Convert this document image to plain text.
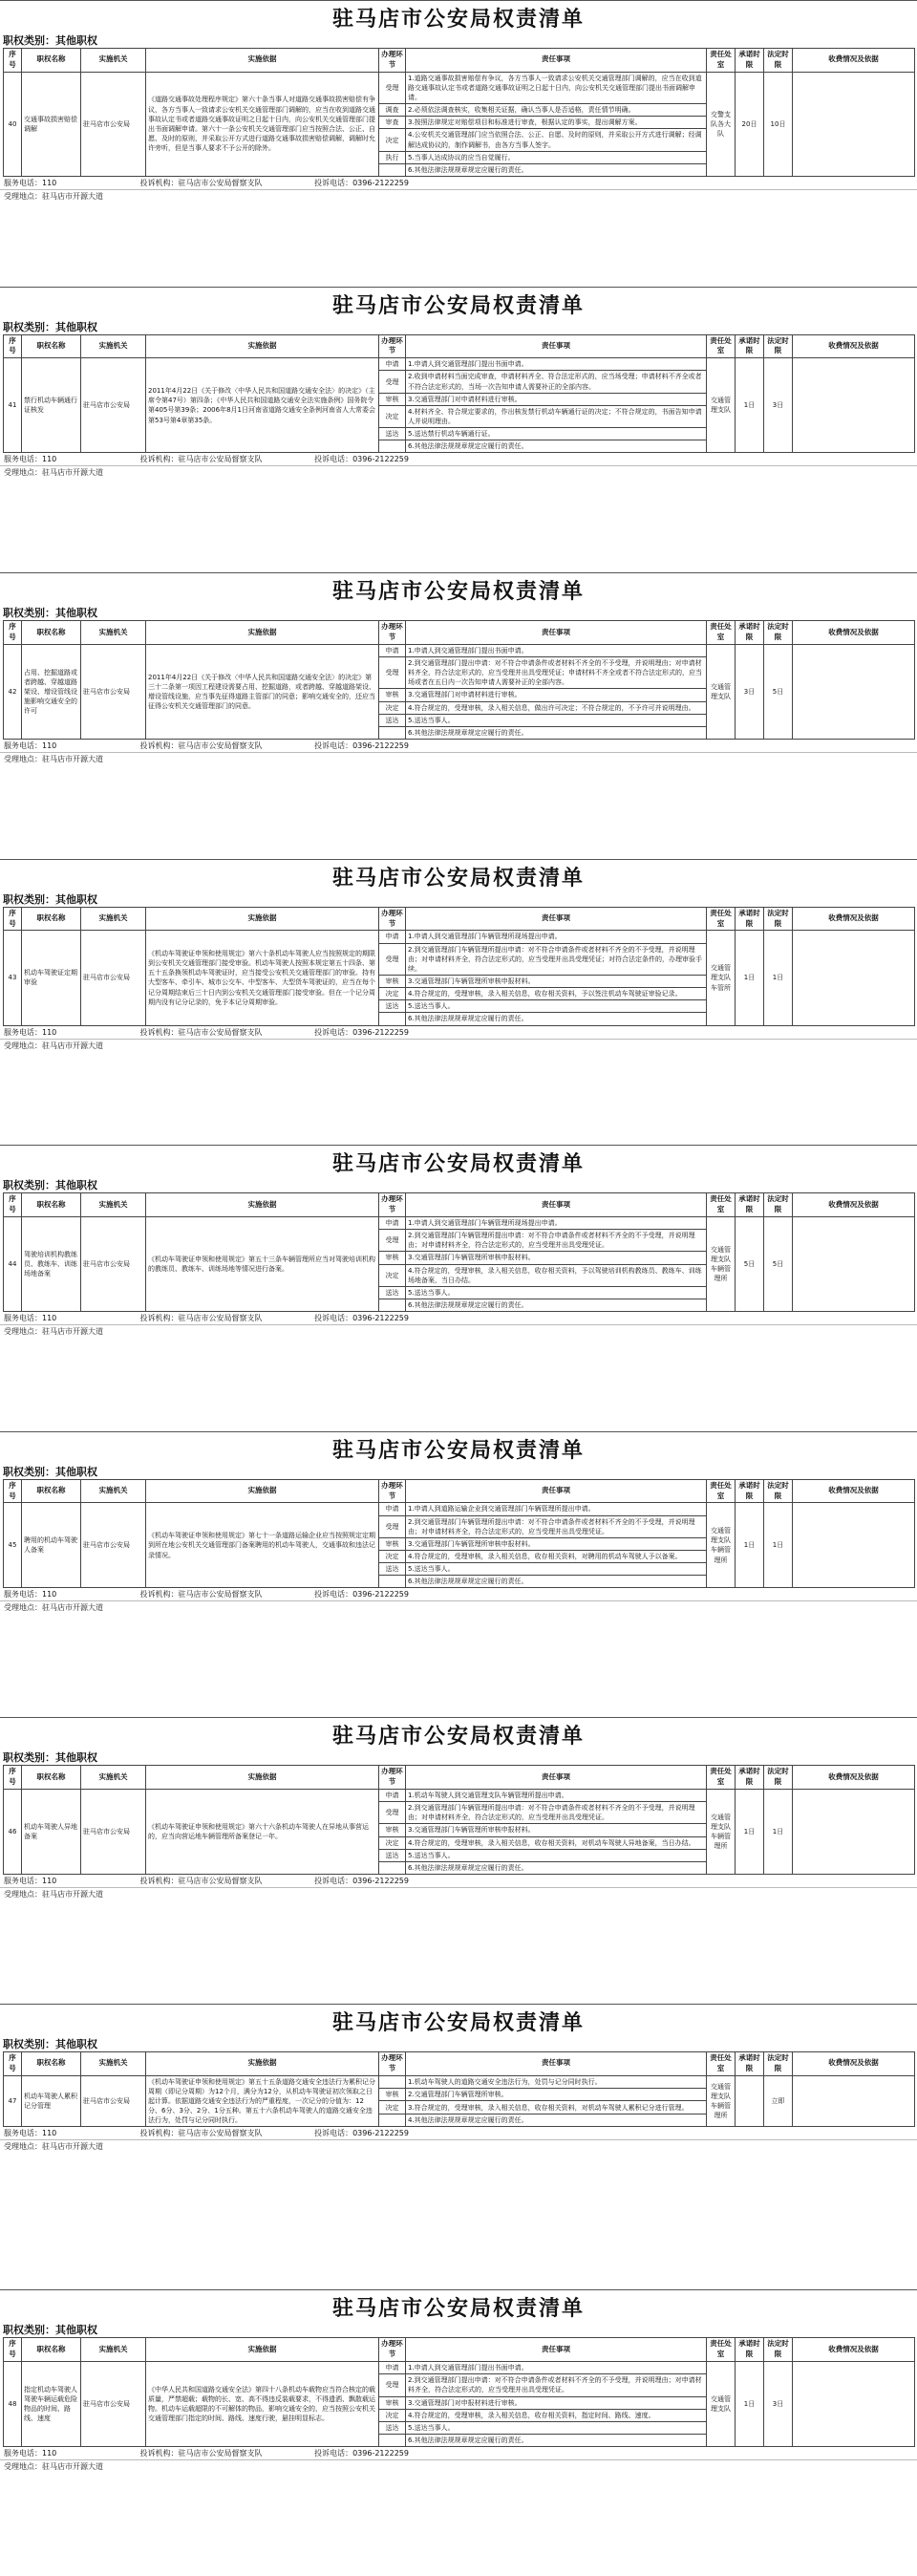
驻马店市公安局权责清单
职权类别：其他职权
序号	职权名称	实施机关	实施依据	办理环节	责任事项	责任处室	承诺时限	法定时限	收费情况及依据
40	交通事故损害赔偿调解	驻马店市公安局	《道路交通事故处理程序规定》第六十条当事人对道路交通事故损害赔偿有争议，各方当事人一致请求公安机关交通管理部门调解的，应当在收到道路交通事故认定书或者道路交通事故证明之日起十日内，向公安机关交通管理部门提出书面调解申请。第六十一条公安机关交通管理部门应当按照合法、公正、自愿、及时的原则，并采取公开方式进行道路交通事故损害赔偿调解，调解时允许旁听，但是当事人要求不予公开的除外。	受理	1.道路交通事故损害赔偿有争议，各方当事人一致请求公安机关交通管理部门调解的，应当在收到道路交通事故认定书或者道路交通事故证明之日起十日内，向公安机关交通管理部门提出书面调解申请。	交警支队各大队	20日	10日	
				调查	2.必须依法调查核实，收集相关证据，确认当事人是否适格，责任情节明确。				
				审查	3.按照法律规定对赔偿项目和标准进行审查，根据认定的事实，提出调解方案。				
				决定	4.公安机关交通管理部门应当依照合法、公正、自愿、及时的原则，并采取公开方式进行调解；经调解达成协议的，制作调解书，由各方当事人签字。				
				执行	5.当事人达成协议的应当自觉履行。				
					6.其他法律法规规章规定应履行的责任。				
服务电话：110	投诉机构：驻马店市公安局督察支队	投诉电话：0396-2122259
受理地点：驻马店市开源大道
驻马店市公安局权责清单
职权类别：其他职权
序号	职权名称	实施机关	实施依据	办理环节	责任事项	责任处室	承诺时限	法定时限	收费情况及依据
41	禁行机动车辆通行证核发	驻马店市公安局	2011年4月22日《关于修改〈中华人民共和国道路交通安全法〉的决定》（主席令第47号）第四条；《中华人民共和国道路交通安全法实施条例》国务院令第405号第39条；2006年8月1日河南省道路交通安全条例河南省人大常委会第53号第4章第35条。	申请	1.申请人到交通管理部门提出书面申请。	交通管理支队	1日	3日	
				受理	2.收到申请材料当面完成审查，申请材料齐全、符合法定形式的，应当场受理；申请材料不齐全或者不符合法定形式的，当场一次告知申请人需要补正的全部内容。				
				审核	3.交通管理部门对申请材料进行审核。				
				决定	4.材料齐全、符合规定要求的，作出核发禁行机动车辆通行证的决定；不符合规定的，书面告知申请人并说明理由。				
				送达	5.送达禁行机动车辆通行证。				
					6.其他法律法规规章规定应履行的责任。				
服务电话：110	投诉机构：驻马店市公安局督察支队	投诉电话：0396-2122259
受理地点：驻马店市开源大道
驻马店市公安局权责清单
职权类别：其他职权
序号	职权名称	实施机关	实施依据	办理环节	责任事项	责任处室	承诺时限	法定时限	收费情况及依据
42	占用、挖掘道路或者跨越、穿越道路架设、增设管线设施影响交通安全的许可	驻马店市公安局	2011年4月22日《关于修改〈中华人民共和国道路交通安全法〉的决定》第三十二条第一项因工程建设需要占用、挖掘道路，或者跨越、穿越道路架设、增设管线设施，应当事先征得道路主管部门的同意；影响交通安全的，还应当征得公安机关交通管理部门的同意。	申请	1.申请人到交通管理部门提出书面申请。	交通管理支队	3日	5日	
				受理	2.到交通管理部门提出申请：对不符合申请条件或者材料不齐全的不予受理，并说明理由；对申请材料齐全，符合法定形式的，应当受理并出具受理凭证；申请材料不齐全或者不符合法定形式的，应当场或者在五日内一次告知申请人需要补正的全部内容。				
				审核	3.交通管理部门对申请材料进行审核。				
				决定	4.符合规定的，受理审核，录入相关信息，做出许可决定；不符合规定的，不予许可并说明理由。				
				送达	5.送达当事人。				
					6.其他法律法规规章规定应履行的责任。				
服务电话：110	投诉机构：驻马店市公安局督察支队	投诉电话：0396-2122259
受理地点：驻马店市开源大道
驻马店市公安局权责清单
职权类别：其他职权
序号	职权名称	实施机关	实施依据	办理环节	责任事项	责任处室	承诺时限	法定时限	收费情况及依据
43	机动车驾驶证定期审验	驻马店市公安局	《机动车驾驶证申领和使用规定》第六十条机动车驾驶人应当按照规定的期限到公安机关交通管理部门接受审验。机动车驾驶人按照本规定第五十四条、第五十五条换领机动车驾驶证时，应当接受公安机关交通管理部门的审验。持有大型客车、牵引车、城市公交车、中型客车、大型货车驾驶证的，应当在每个记分周期结束后三十日内到公安机关交通管理部门接受审验。但在一个记分周期内没有记分记录的，免予本记分周期审验。	申请	1.申请人到交通管理部门车辆管理所现场提出申请。	交通管理支队车管所	1日	1日	
				受理	2.到交通管理部门车辆管理所提出申请：对不符合申请条件或者材料不齐全的不予受理，并说明理由；对申请材料齐全，符合法定形式的，应当受理并出具受理凭证；对符合法定条件的，办理审验手续。				
				审核	3.交通管理部门车辆管理所审核申报材料。				
				决定	4.符合规定的，受理审核，录入相关信息，收存相关资料，予以签注机动车驾驶证审验记录。				
				送达	5.送达当事人。				
					6.其他法律法规规章规定应履行的责任。				
服务电话：110	投诉机构：驻马店市公安局督察支队	投诉电话：0396-2122259
受理地点：驻马店市开源大道
驻马店市公安局权责清单
职权类别：其他职权
序号	职权名称	实施机关	实施依据	办理环节	责任事项	责任处室	承诺时限	法定时限	收费情况及依据
44	驾驶培训机构教练员、教练车、训练场地备案	驻马店市公安局	《机动车驾驶证申领和使用规定》第五十三条车辆管理所应当对驾驶培训机构的教练员、教练车、训练场地等情况进行备案。	申请	1.申请人到交通管理部门车辆管理所现场提出申请。	交通管理支队车辆管理所	5日	5日	
				受理	2.到交通管理部门车辆管理所提出申请：对不符合申请条件或者材料不齐全的不予受理，并说明理由；对申请材料齐全，符合法定形式的，应当受理并出具受理凭证。				
				审核	3.交通管理部门车辆管理所审核申报材料。				
				决定	4.符合规定的，受理审核，录入相关信息，收存相关资料，予以驾驶培训机构教练员、教练车、训练场地备案，当日办结。				
				送达	5.送达当事人。				
					6.其他法律法规规章规定应履行的责任。				
服务电话：110	投诉机构：驻马店市公安局督察支队	投诉电话：0396-2122259
受理地点：驻马店市开源大道
驻马店市公安局权责清单
职权类别：其他职权
序号	职权名称	实施机关	实施依据	办理环节	责任事项	责任处室	承诺时限	法定时限	收费情况及依据
45	聘用的机动车驾驶人备案	驻马店市公安局	《机动车驾驶证申领和使用规定》第七十一条道路运输企业应当按照规定定期到所在地公安机关交通管理部门备案聘用的机动车驾驶人，交通事故和违法记录情况。	申请	1.申请人到道路运输企业到交通管理部门车辆管理所提出申请。	交通管理支队车辆管理所	1日	1日	
				受理	2.到交通管理部门车辆管理所提出申请：对不符合申请条件或者材料不齐全的不予受理，并说明理由；对申请材料齐全，符合法定形式的，应当受理并出具受理凭证。				
				审核	3.交通管理部门车辆管理所审核申报材料。				
				决定	4.符合规定的，受理审核，录入相关信息，收存相关资料，对聘用的机动车驾驶人予以备案。				
				送达	5.送达当事人。				
					6.其他法律法规规章规定应履行的责任。				
服务电话：110	投诉机构：驻马店市公安局督察支队	投诉电话：0396-2122259
受理地点：驻马店市开源大道
驻马店市公安局权责清单
职权类别：其他职权
序号	职权名称	实施机关	实施依据	办理环节	责任事项	责任处室	承诺时限	法定时限	收费情况及依据
46	机动车驾驶人异地备案	驻马店市公安局	《机动车驾驶证申领和使用规定》第六十六条机动车驾驶人在异地从事营运的，应当向营运地车辆管理所备案登记一年。	申请	1.机动车驾驶人到交通管理支队车辆管理所提出申请。	交通管理支队车辆管理所	1日	1日	
				受理	2.到交通管理部门车辆管理所提出申请：对不符合申请条件或者材料不齐全的不予受理，并说明理由；对申请材料齐全，符合法定形式的，应当受理并出具受理凭证。				
				审核	3.交通管理部门车辆管理所审核申报材料。				
				决定	4.符合规定的，受理审核，录入相关信息，收存相关资料，对机动车驾驶人异地备案，当日办结。				
				送达	5.送达当事人。				
					6.其他法律法规规章规定应履行的责任。				
服务电话：110	投诉机构：驻马店市公安局督察支队	投诉电话：0396-2122259
受理地点：驻马店市开源大道
驻马店市公安局权责清单
职权类别：其他职权
序号	职权名称	实施机关	实施依据	办理环节	责任事项	责任处室	承诺时限	法定时限	收费情况及依据
47	机动车驾驶人累积记分管理	驻马店市公安局	《机动车驾驶证申领和使用规定》第五十五条道路交通安全违法行为累积记分周期（即记分周期）为12个月，满分为12分，从机动车驾驶证初次领取之日起计算。依据道路交通安全违法行为的严重程度，一次记分的分值为：12分、6分、3分、2分、1分五种。第五十六条机动车驾驶人的道路交通安全违法行为，处罚与记分同时执行。		1.机动车驾驶人的道路交通安全违法行为，处罚与记分同时执行。	交通管理支队车辆管理所		立即	
				审核	2.交通管理部门车辆管理所审核。				
				决定	3.符合规定的，受理审核，录入相关信息，收存相关资料，对机动车驾驶人累积记分进行管理。				
					4.其他法律法规规章规定应履行的责任。				
服务电话：110	投诉机构：驻马店市公安局督察支队	投诉电话：0396-2122259
受理地点：驻马店市开源大道
驻马店市公安局权责清单
职权类别：其他职权
序号	职权名称	实施机关	实施依据	办理环节	责任事项	责任处室	承诺时限	法定时限	收费情况及依据
48	指定机动车驾驶人驾驶车辆运载危险物品的时间、路线、速度	驻马店市公安局	《中华人民共和国道路交通安全法》第四十八条机动车载物应当符合核定的载质量，严禁超载；载物的长、宽、高不得违反装载要求，不得遗洒、飘散载运物。机动车运载超限的不可解体的物品，影响交通安全的，应当按照公安机关交通管理部门指定的时间、路线、速度行驶，悬挂明显标志。	申请	1.申请人到交通管理部门提出书面申请。	交通管理支队	1日	3日	
				受理	2.到交通管理部门提出申请：对不符合申请条件或者材料不齐全的不予受理，并说明理由；对申请材料齐全，符合法定形式的，应当受理并出具受理凭证。				
				审核	3.交通管理部门对申报材料进行审核。				
				决定	4.符合规定的，受理审核，录入相关信息，收存相关资料，指定时间、路线、速度。				
				送达	5.送达当事人。				
					6.其他法律法规规章规定应履行的责任。				
服务电话：110	投诉机构：驻马店市公安局督察支队	投诉电话：0396-2122259
受理地点：驻马店市开源大道
